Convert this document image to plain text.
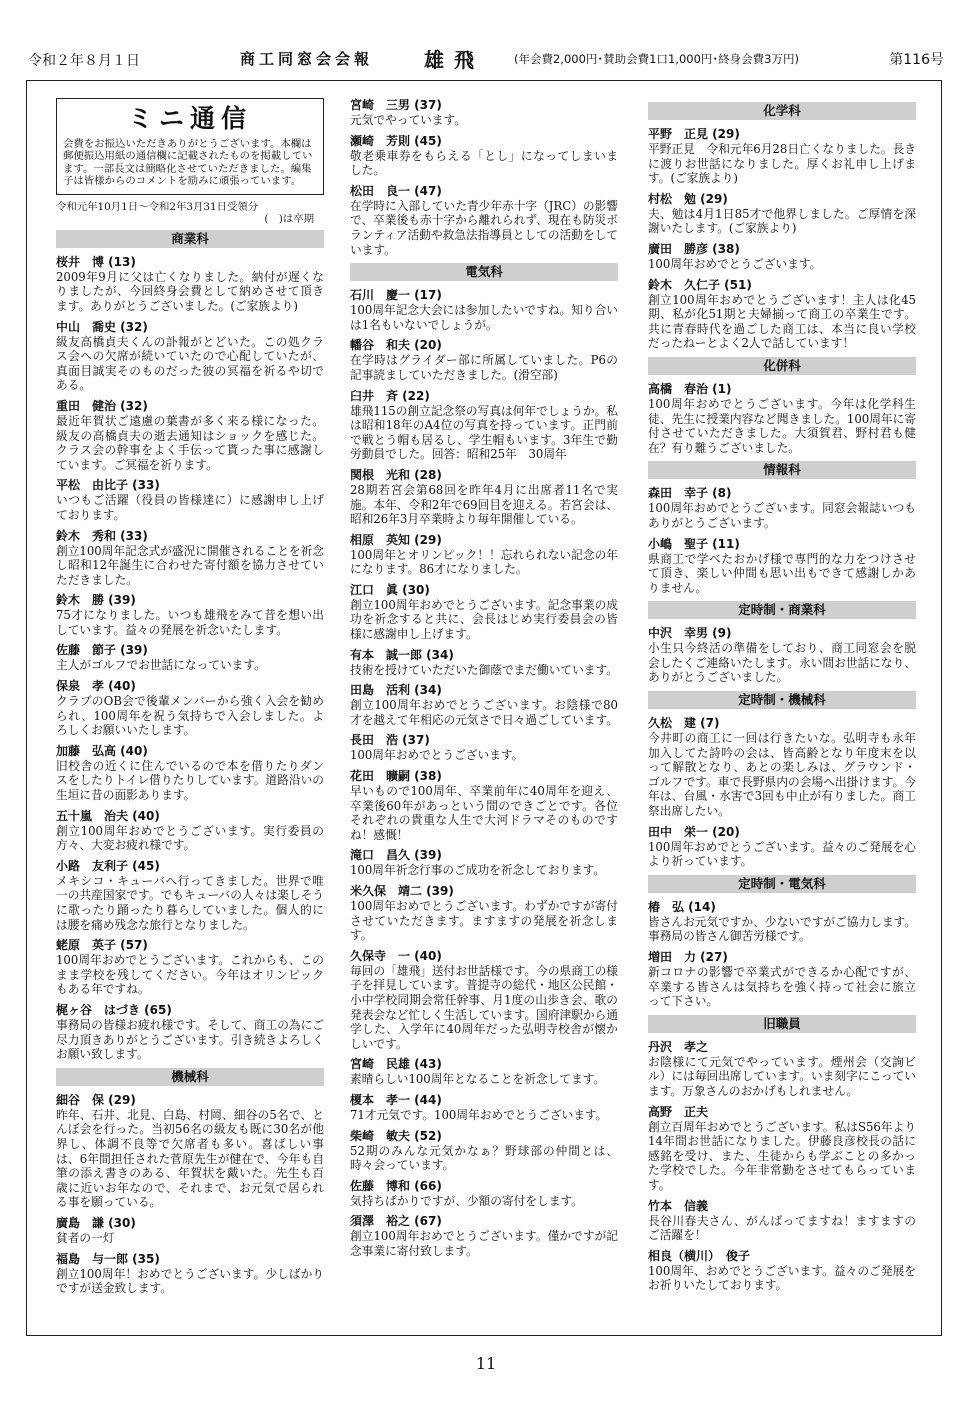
令和２年８月１日	商工同窓会会報	雄飛	(年会費2,000円･賛助会費1口1,000円･終身会費3万円)	第116号
ミニ通信
会費をお振込いただきありがとうございます。本欄は郵便振込用紙の通信欄に記載されたものを掲載しています。一部長文は簡略化させていただきました。編集子は皆様からのコメントを励みに頑張っています。
令和元年10月1日〜令和2年3月31日受領分
(　)は卒期
商業科
桜井　博 (13)
2009年9月に父は亡くなりました。納付が遅くなりましたが、今回終身会費として納めさせて頂きます。ありがとうございました。(ご家族より)
中山　喬史 (32)
級友高橋貞夫くんの訃報がとどいた。この処クラス会への欠席が続いていたので心配していたが、真面目誠実そのものだった彼の冥福を祈るや切である。
重田　健治 (32)
最近年賀状ご遠慮の葉書が多く来る様になった。級友の高橋貞夫の逝去通知はショックを感じた。クラス会の幹事をよく手伝って貰った事に感謝しています。ご冥福を祈ります。
平松　由比子 (33)
いつもご活躍（役員の皆様達に）に感謝申し上げております。
鈴木　秀和 (33)
創立100周年記念式が盛況に開催されることを祈念し昭和12年誕生に合わせた寄付額を協力させていただきました。
鈴木　勝 (39)
75才になりました。いつも雄飛をみて昔を想い出しています。益々の発展を祈念いたします。
佐藤　節子 (39)
主人がゴルフでお世話になっています。
保泉　孝 (40)
クラブのOB会で後輩メンバーから強く入会を勧められ、100周年を祝う気持ちで入会しました。よろしくお願いいたします。
加藤　弘高 (40)
旧校舎の近くに住んでいるので本を借りたりダンスをしたりトイレ借りたりしています。道路沿いの生垣に昔の面影あります。
五十嵐　治夫 (40)
創立100周年おめでとうございます。実行委員の方々、大変お疲れ様です。
小路　友利子 (45)
メキシコ・キューバへ行ってきました。世界で唯一の共産国家です。でもキューバの人々は楽しそうに歌ったり踊ったり暮らしていました。個人的には腰を痛め残念な旅行となりました。
蛯原　英子 (57)
100周年おめでとうございます。これからも、このまま学校を残してください。今年はオリンピックもある年ですね。
梶ヶ谷　はづき (65)
事務局の皆様お疲れ様です。そして、商工の為にご尽力頂きありがとうございます。引き続きよろしくお願い致します。
機械科
細谷　保 (29)
昨年、石井、北見、白島、村岡、細谷の5名で、とんぼ会を行った。当初56名の級友も既に30名が他界し、体調不良等で欠席者も多い。喜ばしい事は、6年間担任された菅原先生が健在で、今年も自筆の添え書きのある、年賀状を戴いた。先生も百歳に近いお年なので、それまで、お元気で居られる事を願っている。
廣島　謙 (30)
貧者の一灯
福島　与一郎 (35)
創立100周年！おめでとうございます。少しばかりですが送金致します。
宮崎　三男 (37)
元気でやっています。
瀬崎　芳則 (45)
敬老乗車券をもらえる「とし」になってしまいました。
松田　良一 (47)
在学時に入部していた青少年赤十字（JRC）の影響で、卒業後も赤十字から離れられず、現在も防災ボランティア活動や救急法指導員としての活動をしています。
電気科
石川　慶一 (17)
100周年記念大会には参加したいですね。知り合いは1名もいないでしょうが。
幡谷　和夫 (20)
在学時はグライダー部に所属していました。P6の記事読ましていただきました。(滑空部)
臼井　斉 (22)
雄飛115の創立記念祭の写真は何年でしょうか。私は昭和18年のA4位の写真を持っています。正門前で戦とう帽も居るし、学生帽もいます。3年生で勤労動員でした。回答：昭和25年　30周年
関根　光和 (28)
28期若宮会第68回を昨年4月に出席者11名で実施。本年、令和2年で69回目を迎える。若宮会は、昭和26年3月卒業時より毎年開催している。
相原　英知 (29)
100周年とオリンピック！！忘れられない記念の年になります。86才になりました。
江口　眞 (30)
創立100周年おめでとうございます。記念事業の成功を祈念すると共に、会長はじめ実行委員会の皆様に感謝申し上げます。
有本　誠一郎 (34)
技術を授けていただいた御蔭でまだ働いています。
田島　活利 (34)
創立100周年おめでとうございます。お陰様で80才を越えて年相応の元気さで日々過ごしています。
長田　浩 (37)
100周年おめでとうございます。
花田　曠嗣 (38)
早いもので100周年、卒業前年に40周年を迎え、卒業後60年があっという間のできごとです。各位それぞれの貴重な人生で大河ドラマそのものですね！感慨！
滝口　昌久 (39)
100周年祈念行事のご成功を祈念しております。
米久保　靖二 (39)
100周年おめでとうございます。わずかですが寄付させていただきます。ますますの発展を祈念します。
久保寺　一 (40)
毎回の「雄飛」送付お世話様です。今の県商工の様子を拝見しています。普提寺の総代・地区公民館・小中学校同期会常任幹事、月1度の山歩き会、歌の発表会など忙しく生活しています。国府津駅から通学した、入学年に40周年だった弘明寺校舎が懐かしいです。
宮崎　民雄 (43)
素晴らしい100周年となることを祈念してます。
榎本　孝一 (44)
71才元気です。100周年おめでとうございます。
柴崎　敏夫 (52)
52期のみんな元気かなぁ？野球部の仲間とは、時々会っています。
佐藤　博和 (66)
気持ちばかりですが、少額の寄付をします。
須澤　裕之 (67)
創立100周年おめでとうございます。僅かですが記念事業に寄付致します。
化学科
平野　正見 (29)
平野正見　令和元年6月28日亡くなりました。長きに渡りお世話になりました。厚くお礼申し上げます。(ご家族より)
村松　勉 (29)
夫、勉は4月1日85才で他界しました。ご厚情を深謝いたします。(ご家族より)
廣田　勝彦 (38)
100周年おめでとうございます。
鈴木　久仁子 (51)
創立100周年おめでとうございます！主人は化45期、私が化51期と夫婦揃って商工の卒業生です。共に青春時代を過ごした商工は、本当に良い学校だったねーとよく2人で話しています！
化併科
高橋　春治 (1)
100周年おめでとうございます。今年は化学科生徒、先生に授業内容など聞きました。100周年に寄付させていただきました。大須賀君、野村君も健在？有り難うございました。
情報科
森田　幸子 (8)
100周年おめでとうございます。同窓会報誌いつもありがとうございます。
小嶋　聖子 (11)
県商工で学べたおかげ様で専門的な力をつけさせて頂き、楽しい仲間も思い出もできて感謝しかありません。
定時制・商業科
中沢　幸男 (9)
小生只今終活の準備をしており、商工同窓会を脱会したくご連絡いたします。永い間お世話になり、ありがとうございました。
定時制・機械科
久松　建 (7)
今井町の商工に一回は行きたいな。弘明寺も永年加入してた詩吟の会は、皆高齢となり年度末を以って解散となり、あとの楽しみは、グラウンド・ゴルフです。車で長野県内の会場へ出掛けます。今年は、台風・水害で3回も中止が有りました。商工祭出席したい。
田中　栄一 (20)
100周年おめでとうございます。益々のご発展を心より祈っています。
定時制・電気科
椿　弘 (14)
皆さんお元気ですか、少ないですがご協力します。事務局の皆さん御苦労様です。
増田　力 (27)
新コロナの影響で卒業式ができるか心配ですが、卒業する皆さんは気持ちを強く持って社会に旅立って下さい。
旧職員
丹沢　孝之
お陰様にて元気でやっています。煙州会（交詢ビル）には毎回出席しています。いま刻字にこっています。万象さんのおかげもしれません。
高野　正夫
創立百周年おめでとうございます。私はS56年より14年間お世話になりました。伊藤良彦校長の話に感銘を受け、また、生徒からも学ぶことの多かった学校でした。今年非常勤をさせてもらっています。
竹本　信義
長谷川春夫さん、がんばってますね！ますますのご活躍を！
相良（横川）　俊子
100周年、おめでとうございます。益々のご発展をお祈りいたしております。
11
